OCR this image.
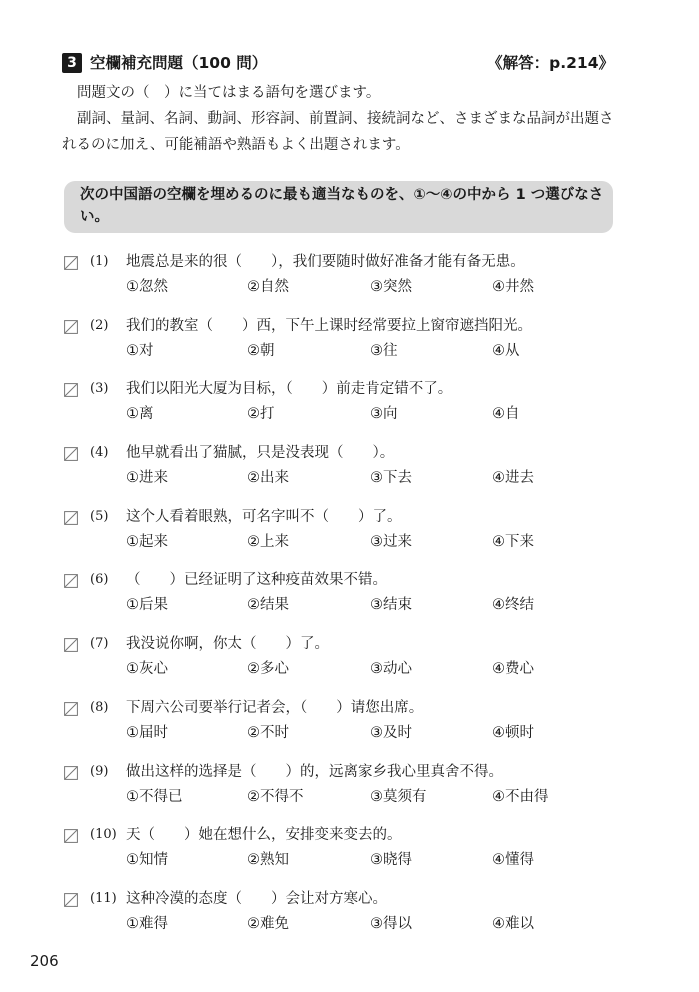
3 空欄補充問題（100 問）	《解答：p.214》

問題文の（　）に当てはまる語句を選びます。

副詞、量詞、名詞、動詞、形容詞、前置詞、接続詞など、さまざまな品詞が出題されるのに加え、可能補語や熟語もよく出題されます。

次の中国語の空欄を埋めるのに最も適当なものを、①～④の中から 1 つ選びなさい。
(1) 地震总是来的很（　　），我们要随时做好准备才能有备无患。
①忽然	②自然	③突然	④井然
(2) 我们的教室（　　）西，下午上课时经常要拉上窗帘遮挡阳光。
①对	②朝	③往	④从
(3) 我们以阳光大厦为目标，（　　）前走肯定错不了。
①离	②打	③向	④自
(4) 他早就看出了猫腻，只是没表现（　　）。
①进来	②出来	③下去	④进去
(5) 这个人看着眼熟，可名字叫不（　　）了。
①起来	②上来	③过来	④下来
(6) （　　）已经证明了这种疫苗效果不错。
①后果	②结果	③结束	④终结
(7) 我没说你啊，你太（　　）了。
①灰心	②多心	③动心	④费心
(8) 下周六公司要举行记者会，（　　）请您出席。
①届时	②不时	③及时	④顿时
(9) 做出这样的选择是（　　）的，远离家乡我心里真舍不得。
①不得已	②不得不	③莫须有	④不由得
(10) 天（　　）她在想什么，安排变来变去的。
①知情	②熟知	③晓得	④懂得
(11) 这种冷漠的态度（　　）会让对方寒心。
①难得	②难免	③得以	④难以
206
